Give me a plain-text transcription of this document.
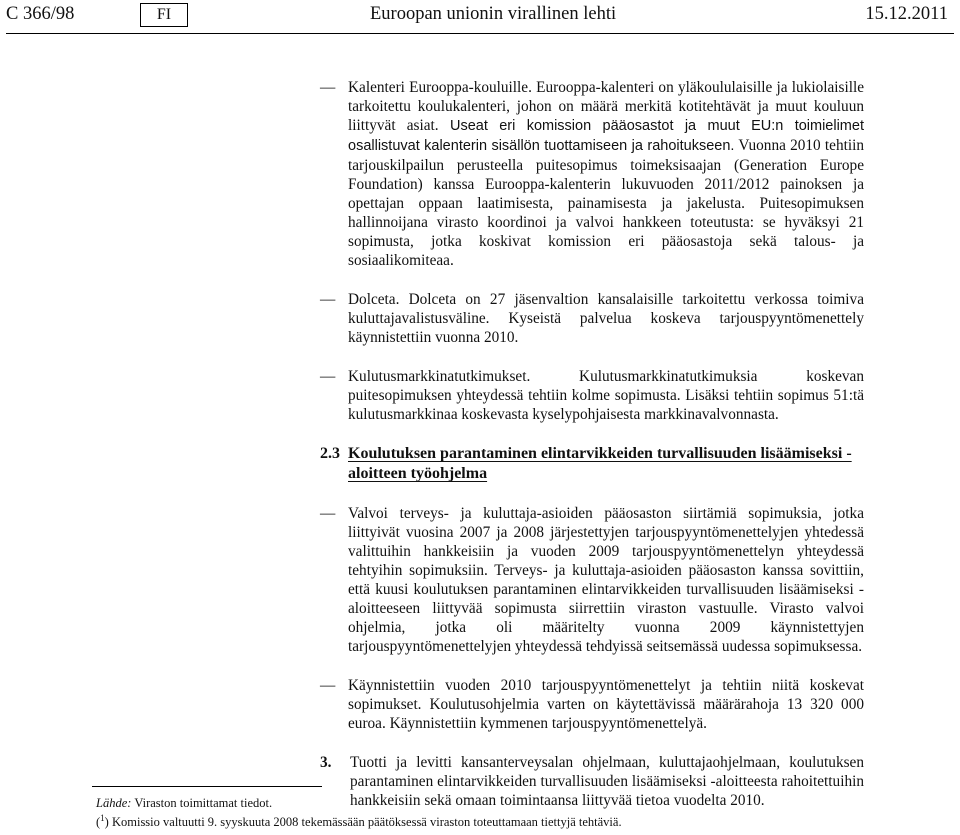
C 366/98	FI	Euroopan unionin virallinen lehti	15.12.2011
— Kalenteri Eurooppa-kouluille. Eurooppa-kalenteri on yläkoululaisille ja lukiolaisille tarkoitettu koulukalenteri, johon on määrä merkitä kotitehtävät ja muut kouluun liittyvät asiat. Useat eri komission pääosastot ja muut EU:n toimielimet osallistuvat kalenterin sisällön tuottamiseen ja rahoitukseen. Vuonna 2010 tehtiin tarjouskilpailun perusteella puitesopimus toimeksisaajan (Generation Europe Foundation) kanssa Eurooppa-kalenterin lukuvuoden 2011/2012 painoksen ja opettajan oppaan laatimisesta, painamisesta ja jakelusta. Puitesopimuksen hallinnoijana virasto koordinoi ja valvoi hankkeen toteutusta: se hyväksyi 21 sopimusta, jotka koskivat komission eri pääosastoja sekä talous- ja sosiaalikomiteaa.

— Dolceta. Dolceta on 27 jäsenvaltion kansalaisille tarkoitettu verkossa toimiva kuluttajavalistusväline. Kyseistä palvelua koskeva tarjouspyyntömenettely käynnistettiin vuonna 2010.

— Kulutusmarkkinatutkimukset. Kulutusmarkkinatutkimuksia koskevan puitesopimuksen yhteydessä tehtiin kolme sopimusta. Lisäksi tehtiin sopimus 51:tä kulutusmarkkinaa koskevasta kyselypohjaisesta markkinavalvonnasta.

2.3 Koulutuksen parantaminen elintarvikkeiden turvallisuuden lisäämiseksi -aloitteen työohjelma
— Valvoi terveys- ja kuluttaja-asioiden pääosaston siirtämiä sopimuksia, jotka liittyivät vuosina 2007 ja 2008 järjestettyjen tarjouspyyntömenettelyjen yhtedessä valittuihin hankkeisiin ja vuoden 2009 tarjouspyyntömenettelyn yhteydessä tehtyihin sopimuksiin. Terveys- ja kuluttaja-asioiden pääosaston kanssa sovittiin, että kuusi koulutuksen parantaminen elintarvikkeiden turvallisuuden lisäämiseksi -aloitteeseen liittyvää sopimusta siirrettiin viraston vastuulle. Virasto valvoi ohjelmia, jotka oli määritelty vuonna 2009 käynnistettyjen tarjouspyyntömenettelyjen yhteydessä tehdyissä seitsemässä uudessa sopimuksessa.

— Käynnistettiin vuoden 2010 tarjouspyyntömenettelyt ja tehtiin niitä koskevat sopimukset. Koulutusohjelmia varten on käytettävissä määrärahoja 13 320 000 euroa. Käynnistettiin kymmenen tarjouspyyntömenettelyä.

3.	Tuotti ja levitti kansanterveysalan ohjelmaan, kuluttajaohjelmaan, koulutuksen parantaminen elintarvikkeiden turvallisuuden lisäämiseksi -aloitteesta rahoitettuihin hankkeisiin sekä omaan toimintaansa liittyvää tietoa vuodelta 2010.

Lähde: Viraston toimittamat tiedot.

($^1$) Komissio valtuutti 9. syyskuuta 2008 tekemässään päätöksessä viraston toteuttamaan tiettyjä tehtäviä.
